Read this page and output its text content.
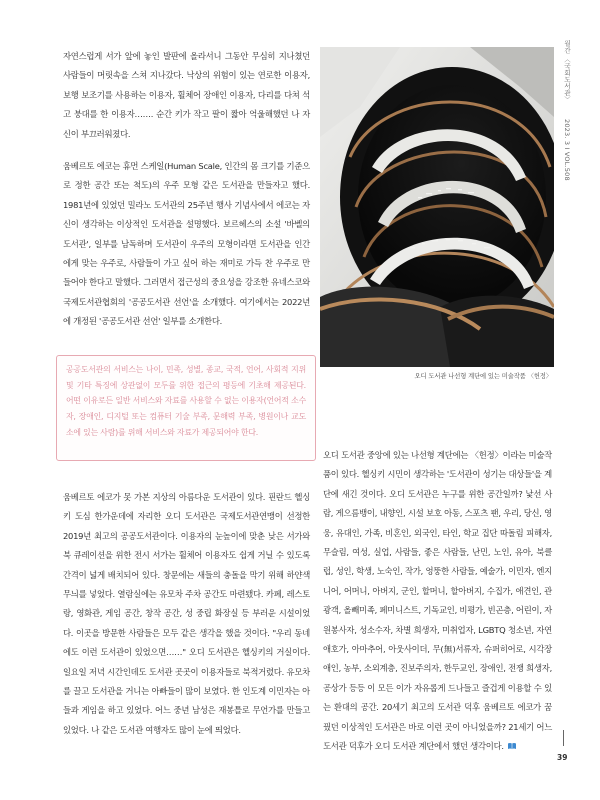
자연스럽게 서가 앞에 놓인 발판에 올라서니 그동안 무심히 지나쳤던 사람들이 머릿속을 스쳐 지나갔다. 낙상의 위험이 있는 연로한 이용자, 보행 보조기를 사용하는 이용자, 휠체어 장애인 이용자, 다리를 다쳐 석고 붕대를 한 이용자……. 순간 키가 작고 팔이 짧아 억울해했던 나 자신이 부끄러워졌다.

움베르토 에코는 휴먼 스케일(Human Scale, 인간의 몸 크기를 기준으로 정한 공간 또는 척도)의 우주 모형 같은 도서관을 만들자고 했다. 1981년에 있었던 밀라노 도서관의 25주년 행사 기념사에서 에코는 자신이 생각하는 이상적인 도서관을 설명했다. 보르헤스의 소설 '바벨의 도서관', 일부를 남독하며 도서관이 우주의 모형이라면 도서관을 인간에게 맞는 우주로, 사람들이 가고 싶어 하는 재미로 가득 찬 우주로 만들어야 한다고 말했다. 그러면서 접근성의 중요성을 강조한 유네스코와 국제도서관협회의 '공공도서관 선언'을 소개했다. 여기에서는 2022년에 개정된 '공공도서관 선언' 일부를 소개한다.

공공도서관의 서비스는 나이, 민족, 성별, 종교, 국적, 언어, 사회적 지위 및 기타 특징에 상관없이 모두를 위한 접근의 평등에 기초해 제공된다. 어떤 이유로든 일반 서비스와 자료를 사용할 수 없는 이용자(언어적 소수자, 장애인, 디지털 또는 컴퓨터 기술 부족, 문해력 부족, 병원이나 교도소에 있는 사람)를 위해 서비스와 자료가 제공되어야 한다.

움베르토 에코가 못 가본 지상의 아름다운 도서관이 있다. 핀란드 헬싱키 도심 한가운데에 자리한 오디 도서관은 국제도서관연맹이 선정한 2019년 최고의 공공도서관이다. 이용자의 눈높이에 맞춘 낮은 서가와 북 큐레이션을 위한 전시 서가는 휠체어 이용자도 쉽게 거닐 수 있도록 간격이 넓게 배치되어 있다. 창문에는 새들의 충돌을 막기 위해 하얀색 무늬를 넣었다. 열람실에는 유모차 주차 공간도 마련됐다. 카페, 레스토랑, 영화관, 게임 공간, 창작 공간, 성 중립 화장실 등 부러운 시설이었다. 이곳을 방문한 사람들은 모두 같은 생각을 했을 것이다. "우리 동네에도 이런 도서관이 있었으면……" 오디 도서관은 헬싱키의 거실이다. 일요일 저녁 시간인데도 도서관 곳곳이 이용자들로 북적거렸다. 유모차를 끌고 도서관을 거니는 아빠들이 많이 보였다. 한 인도계 이민자는 아들과 게임을 하고 있었다. 어느 중년 남성은 재봉틀로 무언가를 만들고 있었다. 나 같은 도서관 여행자도 많이 눈에 띄었다.

오디 도서관 나선형 계단에 있는 미술작품 〈헌정〉

오디 도서관 중앙에 있는 나선형 계단에는 〈헌정〉이라는 미술작품이 있다. 헬싱키 시민이 생각하는 '도서관이 성기는 대상들'을 계단에 새긴 것이다. 오디 도서관은 누구를 위한 공간일까? 낯선 사람, 게으름뱅이, 내향인, 시설 보호 아동, 스포츠 팬, 우리, 당신, 영웅, 유대인, 가족, 비혼인, 외국인, 타인, 학교 집단 따돌림 피해자, 무슬림, 여성, 실업, 사람들, 좋은 사람들, 난민, 노인, 유아, 북클럽, 성인, 학생, 노숙인, 작가, 엉뚱한 사람들, 예술가, 이민자, 엔지니어, 어머니, 아버지, 군인, 할머니, 할아버지, 수집가, 애견인, 관광객, 올빼미족, 페미니스트, 기독교인, 비평가, 빈곤층, 어린이, 자원봉사자, 성소수자, 차별 희생자, 미취업자, LGBTQ 청소년, 자연 애호가, 아마추어, 아웃사이더, 무(無)서류자, 슈퍼히어로, 시각장애인, 농부, 소외계층, 진보주의자, 한두교인, 장애인, 전쟁 희생자, 공상가 등등 이 모든 이가 자유롭게 드나들고 즐겁게 이용할 수 있는 환대의 공간. 20세기 최고의 도서관 덕후 움베르토 에코가 꿈꿨던 이상적인 도서관은 바로 이런 곳이 아니었을까? 21세기 어느 도서관 덕후가 오디 도서관 계단에서 했던 생각이다.

월간 〈국회도서관〉 2023. 3 I VOL.508
39
